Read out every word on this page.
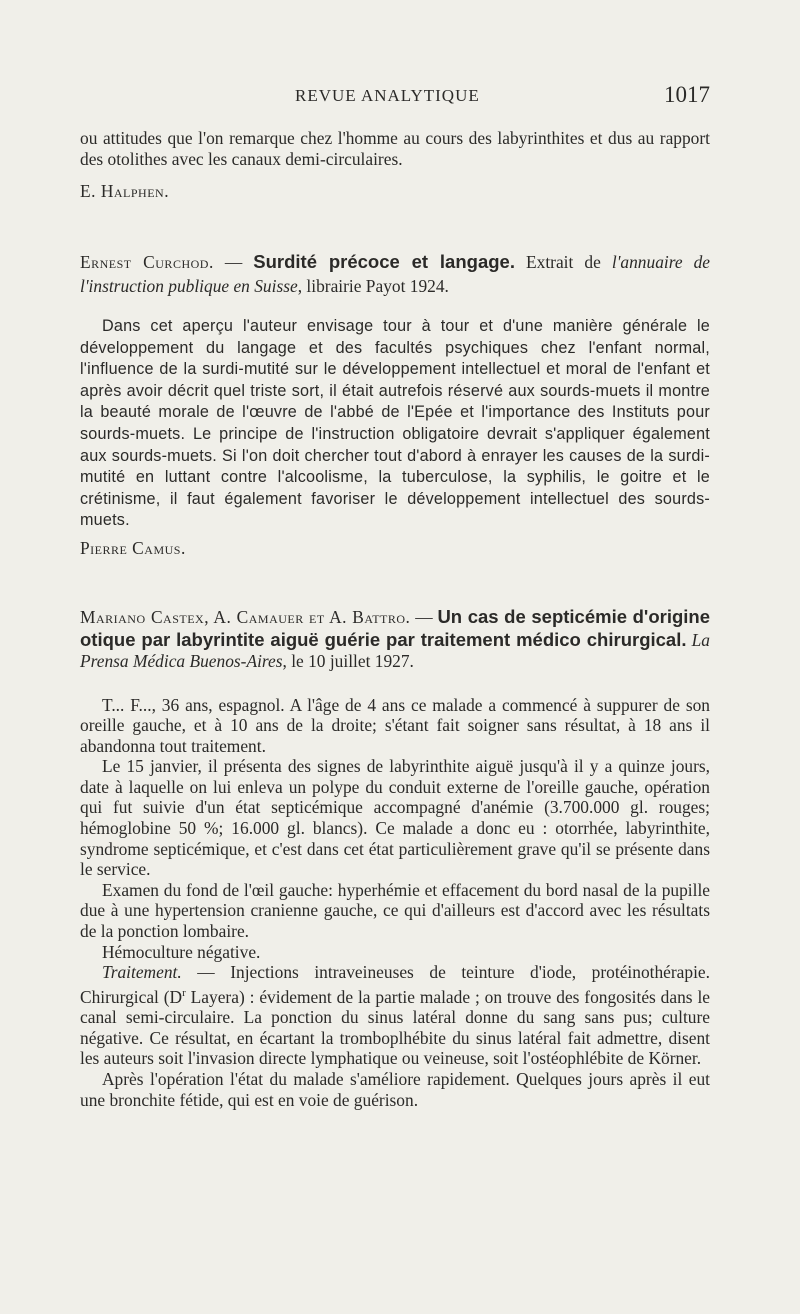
REVUE ANALYTIQUE	1017

ou attitudes que l'on remarque chez l'homme au cours des labyrinthites et dus au rapport des otolithes avec les canaux demi-circulaires.

E. Halphen.

Ernest Curchod. — Surdité précoce et langage. Extrait de l'annuaire de l'instruction publique en Suisse, librairie Payot 1924.

Dans cet aperçu l'auteur envisage tour à tour et d'une manière générale le développement du langage et des facultés psychiques chez l'enfant normal, l'influence de la surdi-mutité sur le développement intellectuel et moral de l'enfant et après avoir décrit quel triste sort, il était autrefois réservé aux sourds-muets il montre la beauté morale de l'œuvre de l'abbé de l'Epée et l'importance des Instituts pour sourds-muets. Le principe de l'instruction obligatoire devrait s'appliquer également aux sourds-muets. Si l'on doit chercher tout d'abord à enrayer les causes de la surdi-mutité en luttant contre l'alcoolisme, la tuberculose, la syphilis, le goitre et le crétinisme, il faut également favoriser le développement intellectuel des sourds-muets.

Pierre Camus.

Mariano Castex, A. Camauer et A. Battro. — Un cas de septicémie d'origine otique par labyrintite aiguë guérie par traitement médico chirurgical. La Prensa Médica Buenos-Aires, le 10 juillet 1927.

T... F..., 36 ans, espagnol. A l'âge de 4 ans ce malade a commencé à suppurer de son oreille gauche, et à 10 ans de la droite; s'étant fait soigner sans résultat, à 18 ans il abandonna tout traitement.

Le 15 janvier, il présenta des signes de labyrinthite aiguë jusqu'à il y a quinze jours, date à laquelle on lui enleva un polype du conduit externe de l'oreille gauche, opération qui fut suivie d'un état septicémique accompagné d'anémie (3.700.000 gl. rouges; hémoglobine 50 %; 16.000 gl. blancs). Ce malade a donc eu : otorrhée, labyrinthite, syndrome septicémique, et c'est dans cet état particulièrement grave qu'il se présente dans le service.

Examen du fond de l'œil gauche: hyperhémie et effacement du bord nasal de la pupille due à une hypertension cranienne gauche, ce qui d'ailleurs est d'accord avec les résultats de la ponction lombaire.

Hémoculture négative.

Traitement. — Injections intraveineuses de teinture d'iode, protéinothérapie. Chirurgical ($D^r$ Layera) : évidement de la partie malade ; on trouve des fongosités dans le canal semi-circulaire. La ponction du sinus latéral donne du sang sans pus; culture négative. Ce résultat, en écartant la tromboplhébite du sinus latéral fait admettre, disent les auteurs soit l'invasion directe lymphatique ou veineuse, soit l'ostéophlébite de Körner.

Après l'opération l'état du malade s'améliore rapidement. Quelques jours après il eut une bronchite fétide, qui est en voie de guérison.
